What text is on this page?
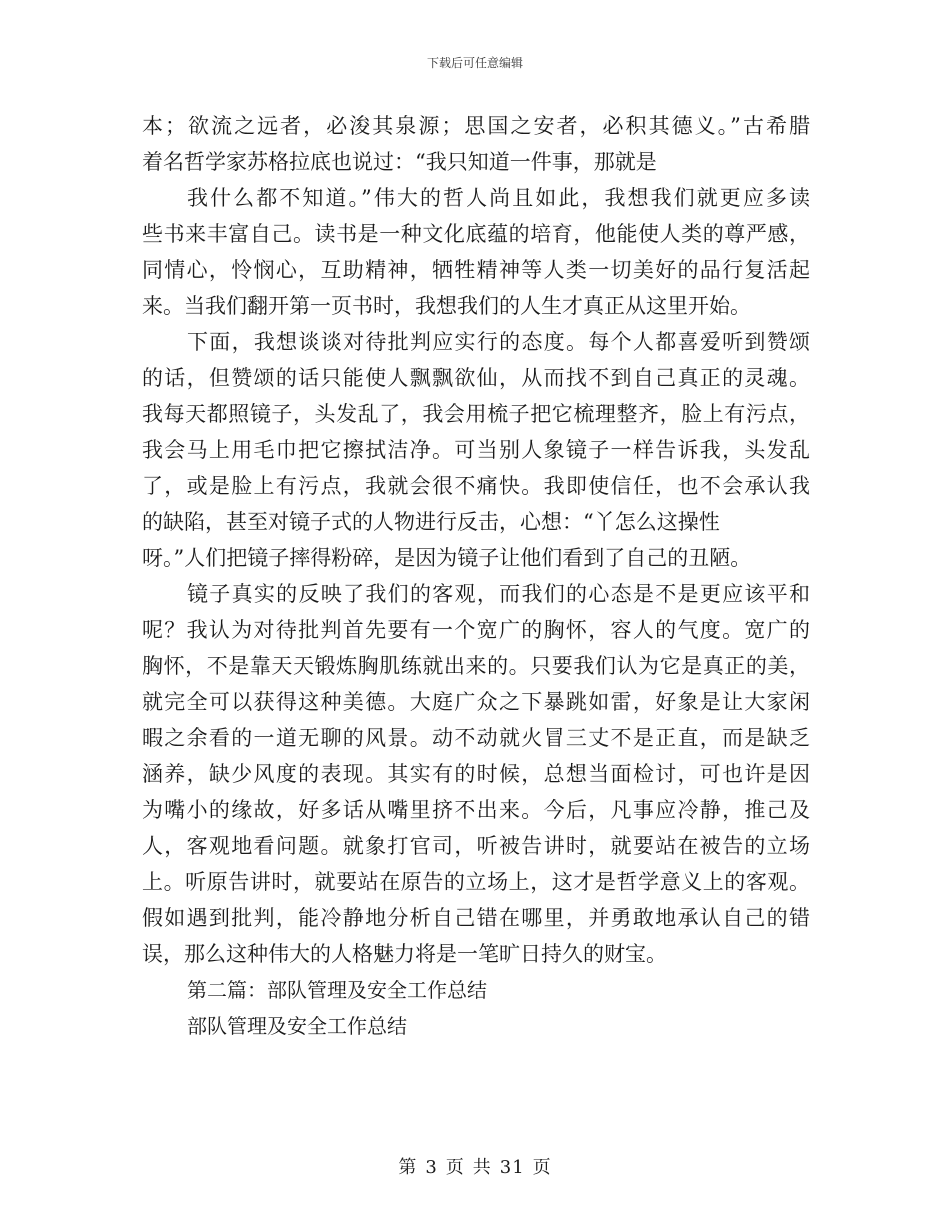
下载后可任意编辑
本；欲流之远者，必浚其泉源；思国之安者，必积其德义。”古希腊
着名哲学家苏格拉底也说过：“我只知道一件事，那就是
我什么都不知道。”伟大的哲人尚且如此，我想我们就更应多读
些书来丰富自己。读书是一种文化底蕴的培育，他能使人类的尊严感，
同情心，怜悯心，互助精神，牺牲精神等人类一切美好的品行复活起
来。当我们翻开第一页书时，我想我们的人生才真正从这里开始。
下面，我想谈谈对待批判应实行的态度。每个人都喜爱听到赞颂
的话，但赞颂的话只能使人飘飘欲仙，从而找不到自己真正的灵魂。
我每天都照镜子，头发乱了，我会用梳子把它梳理整齐，脸上有污点，
我会马上用毛巾把它擦拭洁净。可当别人象镜子一样告诉我，头发乱
了，或是脸上有污点，我就会很不痛快。我即使信任，也不会承认我
的缺陷，甚至对镜子式的人物进行反击，心想：“丫怎么这操性
呀。”人们把镜子摔得粉碎，是因为镜子让他们看到了自己的丑陋。
镜子真实的反映了我们的客观，而我们的心态是不是更应该平和
呢？我认为对待批判首先要有一个宽广的胸怀，容人的气度。宽广的
胸怀，不是靠天天锻炼胸肌练就出来的。只要我们认为它是真正的美，
就完全可以获得这种美德。大庭广众之下暴跳如雷，好象是让大家闲
暇之余看的一道无聊的风景。动不动就火冒三丈不是正直，而是缺乏
涵养，缺少风度的表现。其实有的时候，总想当面检讨，可也许是因
为嘴小的缘故，好多话从嘴里挤不出来。今后，凡事应冷静，推己及
人，客观地看问题。就象打官司，听被告讲时，就要站在被告的立场
上。听原告讲时，就要站在原告的立场上，这才是哲学意义上的客观。
假如遇到批判，能冷静地分析自己错在哪里，并勇敢地承认自己的错
误，那么这种伟大的人格魅力将是一笔旷日持久的财宝。
第二篇：部队管理及安全工作总结
部队管理及安全工作总结
第 3 页 共 31 页
